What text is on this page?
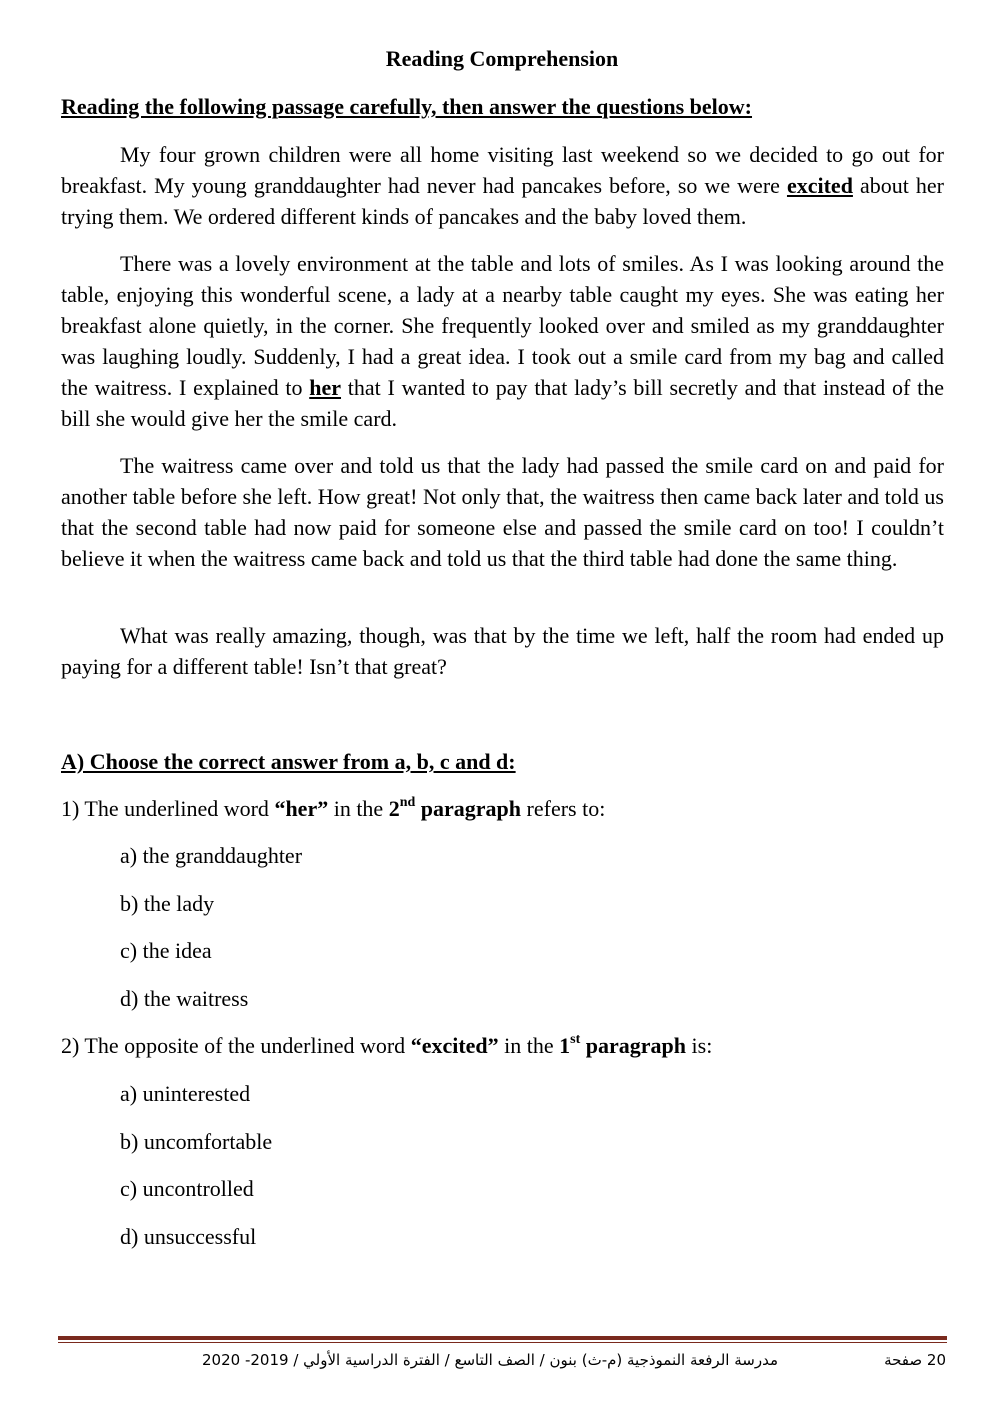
Reading Comprehension
Reading the following passage carefully, then answer the questions below:

My four grown children were all home visiting last weekend so we decided to go out for breakfast. My young granddaughter had never had pancakes before, so we were excited about her trying them. We ordered different kinds of pancakes and the baby loved them.

There was a lovely environment at the table and lots of smiles. As I was looking around the table, enjoying this wonderful scene, a lady at a nearby table caught my eyes. She was eating her breakfast alone quietly, in the corner. She frequently looked over and smiled as my granddaughter was laughing loudly. Suddenly, I had a great idea. I took out a smile card from my bag and called the waitress. I explained to her that I wanted to pay that lady’s bill secretly and that instead of the bill she would give her the smile card.

The waitress came over and told us that the lady had passed the smile card on and paid for another table before she left. How great! Not only that, the waitress then came back later and told us that the second table had now paid for someone else and passed the smile card on too! I couldn’t believe it when the waitress came back and told us that the third table had done the same thing.

What was really amazing, though, was that by the time we left, half the room had ended up paying for a different table! Isn’t that great?

A) Choose the correct answer from a, b, c and d:
1) The underlined word “her” in the 2nd paragraph refers to:
a) the granddaughter
b) the lady
c) the idea
d) the waitress
2) The opposite of the underlined word “excited” in the 1st paragraph is:
a) uninterested
b) uncomfortable
c) uncontrolled
d) unsuccessful
مدرسة الرفعة النموذجية (م-ث) بنون / الصف التاسع / الفترة الدراسية الأولي / 2019- 2020	20 صفحة
